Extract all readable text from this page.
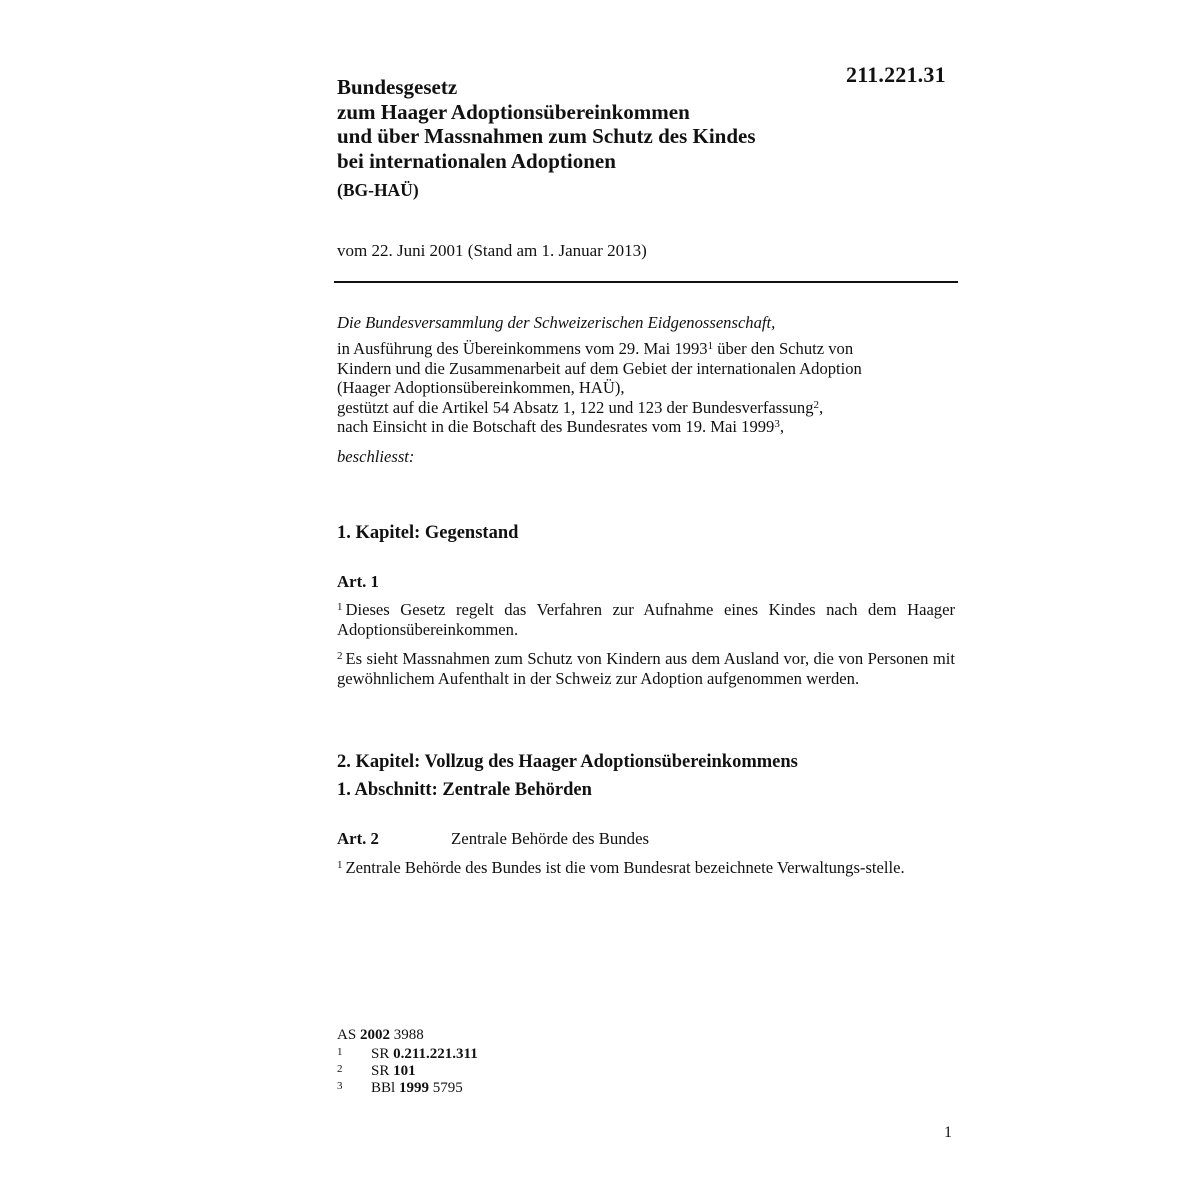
211.221.31
Bundesgesetz
zum Haager Adoptionsübereinkommen
und über Massnahmen zum Schutz des Kindes
bei internationalen Adoptionen
(BG-HAÜ)
vom 22. Juni 2001 (Stand am 1. Januar 2013)
Die Bundesversammlung der Schweizerischen Eidgenossenschaft,
in Ausführung des Übereinkommens vom 29. Mai 1993$^1$ über den Schutz von
Kindern und die Zusammenarbeit auf dem Gebiet der internationalen Adoption
(Haager Adoptionsübereinkommen, HAÜ),
gestützt auf die Artikel 54 Absatz 1, 122 und 123 der Bundesverfassung$^2$,
nach Einsicht in die Botschaft des Bundesrates vom 19. Mai 1999$^3$,
beschliesst:
1. Kapitel: Gegenstand
Art. 1
$^1$ Dieses Gesetz regelt das Verfahren zur Aufnahme eines Kindes nach dem Haager Adoptionsübereinkommen.
$^2$ Es sieht Massnahmen zum Schutz von Kindern aus dem Ausland vor, die von Personen mit gewöhnlichem Aufenthalt in der Schweiz zur Adoption aufgenommen werden.
2. Kapitel: Vollzug des Haager Adoptionsübereinkommens
1. Abschnitt: Zentrale Behörden
Art. 2	Zentrale Behörde des Bundes
$^1$ Zentrale Behörde des Bundes ist die vom Bundesrat bezeichnete Verwaltungs-stelle.
AS 2002 3988
1	SR 0.211.221.311
2	SR 101
3	BBl 1999 5795
1
